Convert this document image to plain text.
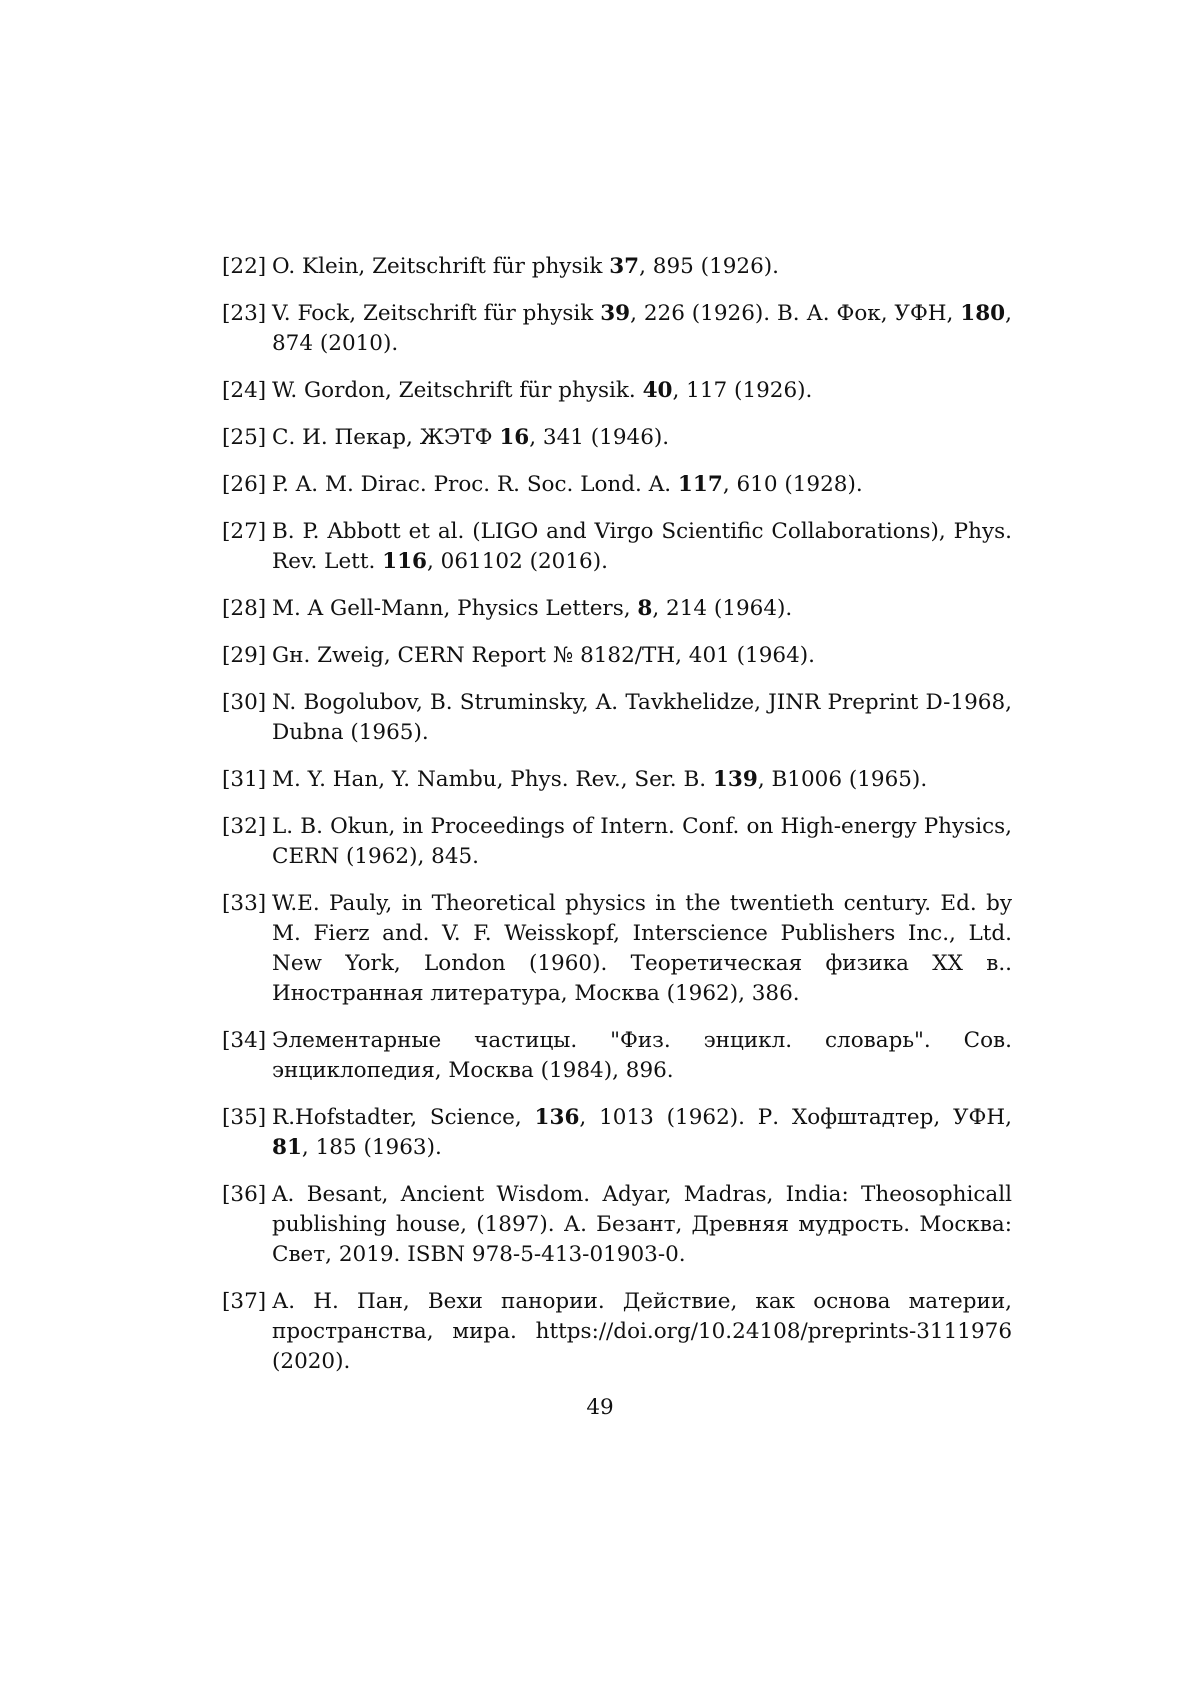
[22] O. Klein, Zeitschrift für physik 37, 895 (1926).
[23] V. Fock, Zeitschrift für physik 39, 226 (1926). В. А. Фок, УФН, 180, 874 (2010).
[24] W. Gordon, Zeitschrift für physik. 40, 117 (1926).
[25] С. И. Пекар, ЖЭТФ 16, 341 (1946).
[26] P. A. M. Dirac. Proc. R. Soc. Lond. A. 117, 610 (1928).
[27] B. P. Abbott et al. (LIGO and Virgo Scientific Collaborations), Phys. Rev. Lett. 116, 061102 (2016).
[28] M. A Gell-Mann, Physics Letters, 8, 214 (1964).
[29] Gн. Zweig, CERN Report № 8182/TH, 401 (1964).
[30] N. Bogolubov, B. Struminsky, A. Tavkhelidze, JINR Preprint D-1968, Dubna (1965).
[31] M. Y. Han, Y. Nambu, Phys. Rev., Ser. B. 139, B1006 (1965).
[32] L. B. Okun, in Proceedings of Intern. Conf. on High-energy Physics, CERN (1962), 845.
[33] W.E. Pauly, in Theoretical physics in the twentieth century. Ed. by M. Fierz and. V. F. Weisskopf, Interscience Publishers Inc., Ltd. New York, London (1960). Теоретическая физика XX в.. Иностранная литература, Москва (1962), 386.
[34] Элементарные частицы. "Физ. энцикл. словарь". Сов. энциклопедия, Москва (1984), 896.
[35] R.Hofstadter, Science, 136, 1013 (1962). Р. Хофштадтер, УФН, 81, 185 (1963).
[36] A. Besant, Ancient Wisdom. Adyar, Madras, India: Theosophicall publishing house, (1897). А. Безант, Древняя мудрость. Москва: Свет, 2019. ISBN 978-5-413-01903-0.
[37] А. Н. Пан, Вехи панории. Действие, как основа материи, пространства, мира. https://doi.org/10.24108/preprints-3111976 (2020).
49
